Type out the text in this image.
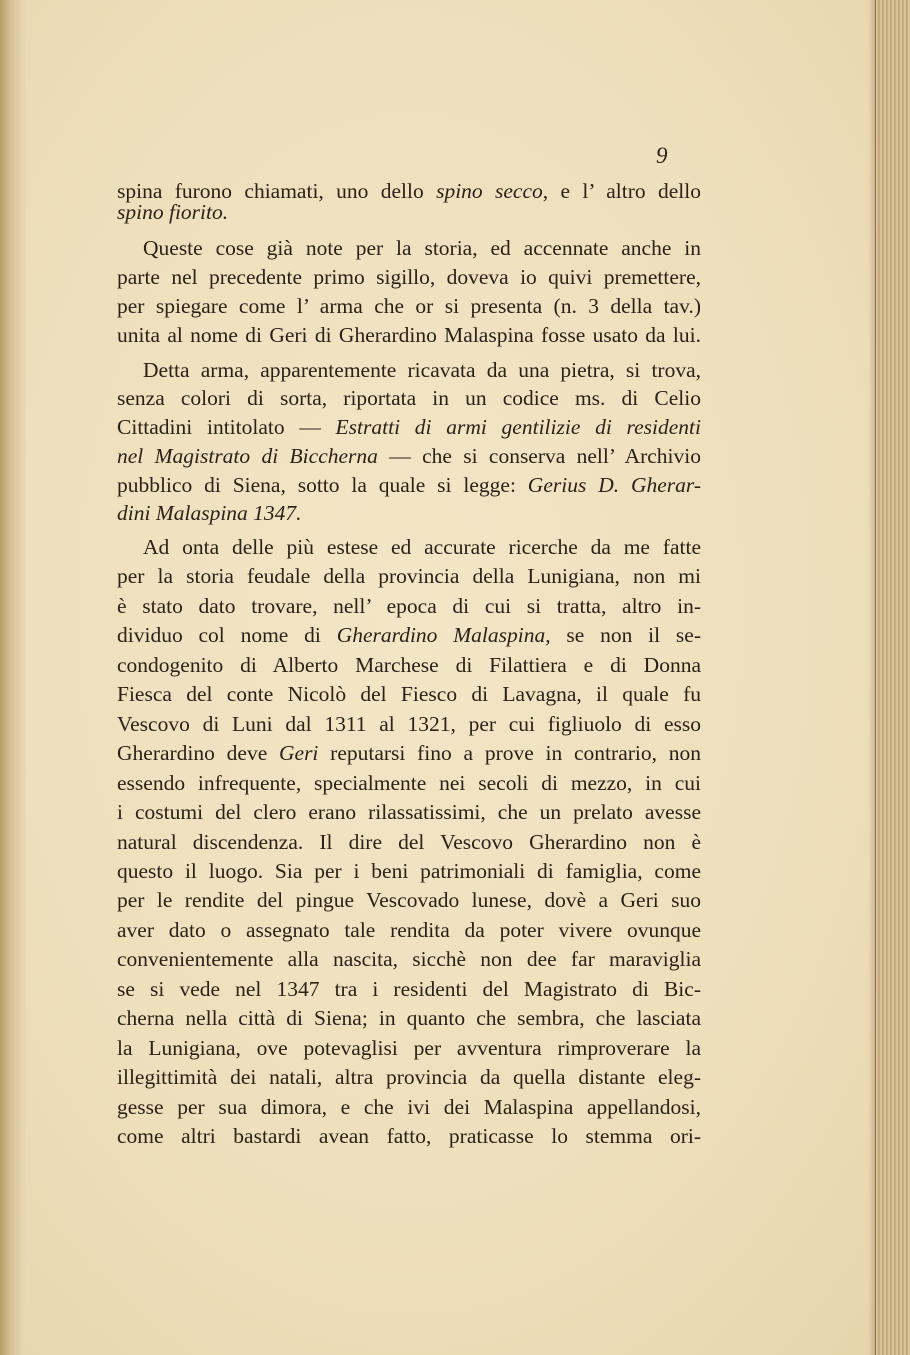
9
spina furono chiamati, uno dello spino secco, e l’ altro dello
spino fiorito.
Queste cose già note per la storia, ed accennate anche in
parte nel precedente primo sigillo, doveva io quivi premettere,
per spiegare come l’ arma che or si presenta (n. 3 della tav.)
unita al nome di Geri di Gherardino Malaspina fosse usato da lui.
Detta arma, apparentemente ricavata da una pietra, si trova,
senza colori di sorta, riportata in un codice ms. di Celio
Cittadini intitolato — Estratti di armi gentilizie di residenti
nel Magistrato di Biccherna — che si conserva nell’ Archivio
pubblico di Siena, sotto la quale si legge: Gerius D. Gherar-
dini Malaspina 1347.
Ad onta delle più estese ed accurate ricerche da me fatte
per la storia feudale della provincia della Lunigiana, non mi
è stato dato trovare, nell’ epoca di cui si tratta, altro in-
dividuo col nome di Gherardino Malaspina, se non il se-
condogenito di Alberto Marchese di Filattiera e di Donna
Fiesca del conte Nicolò del Fiesco di Lavagna, il quale fu
Vescovo di Luni dal 1311 al 1321, per cui figliuolo di esso
Gherardino deve Geri reputarsi fino a prove in contrario, non
essendo infrequente, specialmente nei secoli di mezzo, in cui
i costumi del clero erano rilassatissimi, che un prelato avesse
natural discendenza. Il dire del Vescovo Gherardino non è
questo il luogo. Sia per i beni patrimoniali di famiglia, come
per le rendite del pingue Vescovado lunese, dovè a Geri suo
aver dato o assegnato tale rendita da poter vivere ovunque
convenientemente alla nascita, sicchè non dee far maraviglia
se si vede nel 1347 tra i residenti del Magistrato di Bic-
cherna nella città di Siena; in quanto che sembra, che lasciata
la Lunigiana, ove potevaglisi per avventura rimproverare la
illegittimità dei natali, altra provincia da quella distante eleg-
gesse per sua dimora, e che ivi dei Malaspina appellandosi,
come altri bastardi avean fatto, praticasse lo stemma ori-
